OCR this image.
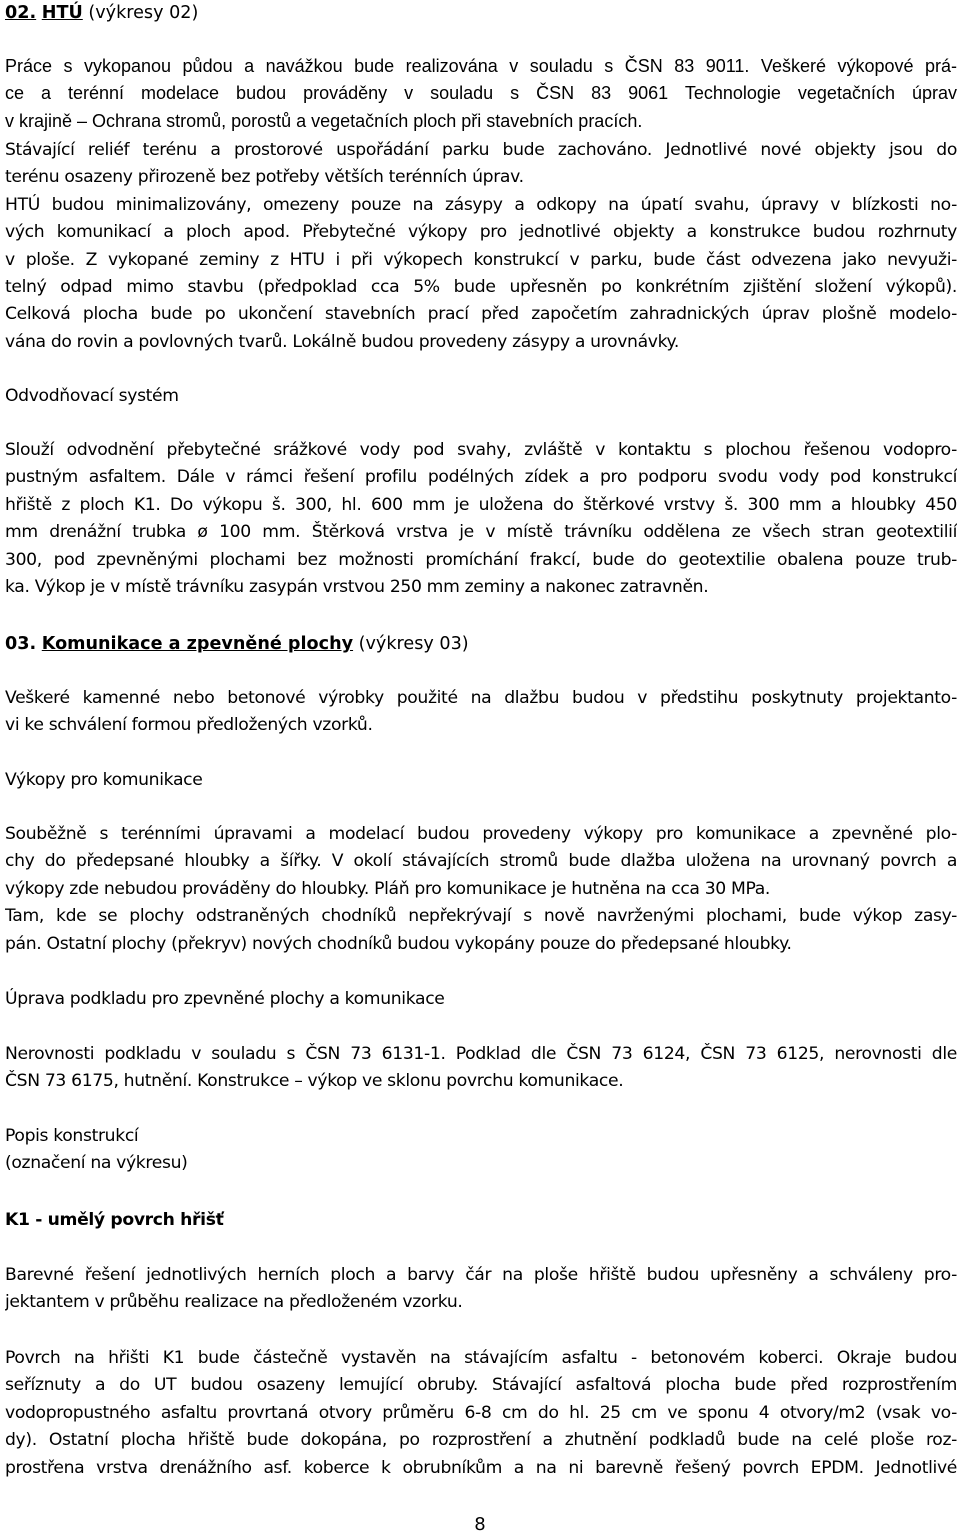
02. HTÚ (výkresy 02)
Práce s vykopanou půdou a navážkou bude realizována v souladu s ČSN 83 9011. Veškeré výkopové prá-
ce a terénní modelace budou prováděny v souladu s ČSN 83 9061 Technologie vegetačních úprav
v krajině – Ochrana stromů, porostů a vegetačních ploch při stavebních pracích.
Stávající reliéf terénu a prostorové uspořádání parku bude zachováno. Jednotlivé nové objekty jsou do
terénu osazeny přirozeně bez potřeby větších terénních úprav.
HTÚ budou minimalizovány, omezeny pouze na zásypy a odkopy na úpatí svahu, úpravy v blízkosti no-
vých komunikací a ploch apod. Přebytečné výkopy pro jednotlivé objekty a konstrukce budou rozhrnuty
v ploše. Z vykopané zeminy z HTU i při výkopech konstrukcí v parku, bude část odvezena jako nevyuži-
telný odpad mimo stavbu (předpoklad cca 5% bude upřesněn po konkrétním zjištění složení výkopů).
Celková plocha bude po ukončení stavebních prací před započetím zahradnických úprav plošně modelo-
vána do rovin a povlovných tvarů. Lokálně budou provedeny zásypy a urovnávky.
Odvodňovací systém
Slouží odvodnění přebytečné srážkové vody pod svahy, zvláště v kontaktu s plochou řešenou vodopro-
pustným asfaltem. Dále v rámci řešení profilu podélných zídek a pro podporu svodu vody pod konstrukcí
hřiště z ploch K1. Do výkopu š. 300, hl. 600 mm je uložena do štěrkové vrstvy š. 300 mm a hloubky 450
mm drenážní trubka ø 100 mm. Štěrková vrstva je v místě trávníku oddělena ze všech stran geotextilií
300, pod zpevněnými plochami bez možnosti promíchání frakcí, bude do geotextilie obalena pouze trub-
ka. Výkop je v místě trávníku zasypán vrstvou 250 mm zeminy a nakonec zatravněn.
03. Komunikace a zpevněné plochy (výkresy 03)
Veškeré kamenné nebo betonové výrobky použité na dlažbu budou v předstihu poskytnuty projektanto-
vi ke schválení formou předložených vzorků.
Výkopy pro komunikace
Souběžně s terénními úpravami a modelací budou provedeny výkopy pro komunikace a zpevněné plo-
chy do předepsané hloubky a šířky. V okolí stávajících stromů bude dlažba uložena na urovnaný povrch a
výkopy zde nebudou prováděny do hloubky. Pláň pro komunikace je hutněna na cca 30 MPa.
Tam, kde se plochy odstraněných chodníků nepřekrývají s nově navrženými plochami, bude výkop zasy-
pán. Ostatní plochy (překryv) nových chodníků budou vykopány pouze do předepsané hloubky.
Úprava podkladu pro zpevněné plochy a komunikace
Nerovnosti podkladu v souladu s ČSN 73 6131-1. Podklad dle ČSN 73 6124, ČSN 73 6125, nerovnosti dle
ČSN 73 6175, hutnění. Konstrukce – výkop ve sklonu povrchu komunikace.
Popis konstrukcí
(označení na výkresu)
K1 - umělý povrch hřišť
Barevné řešení jednotlivých herních ploch a barvy čár na ploše hřiště budou upřesněny a schváleny pro-
jektantem v průběhu realizace na předloženém vzorku.
Povrch na hřišti K1 bude částečně vystavěn na stávajícím asfaltu - betonovém koberci. Okraje budou
seříznuty a do UT budou osazeny lemující obruby. Stávající asfaltová plocha bude před rozprostřením
vodopropustného asfaltu provrtaná otvory průměru 6-8 cm do hl. 25 cm ve sponu 4 otvory/m2 (vsak vo-
dy). Ostatní plocha hřiště bude dokopána, po rozprostření a zhutnění podkladů bude na celé ploše roz-
prostřena vrstva drenážního asf. koberce k obrubníkům a na ni barevně řešený povrch EPDM. Jednotlivé
8
